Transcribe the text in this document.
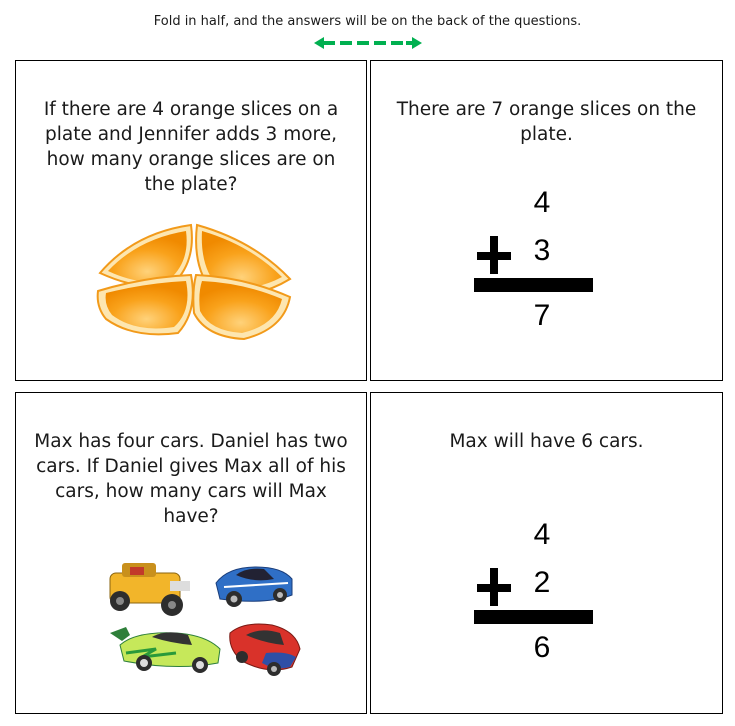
Fold in half, and the answers will be on the back of the questions.
If there are 4 orange slices on a plate and Jennifer adds 3 more, how many orange slices are on the plate?
There are 7 orange slices on the plate.
4
3
7
Max has four cars. Daniel has two cars. If Daniel gives Max all of his cars, how many cars will Max have?
Max will have 6 cars.
4
2
6
